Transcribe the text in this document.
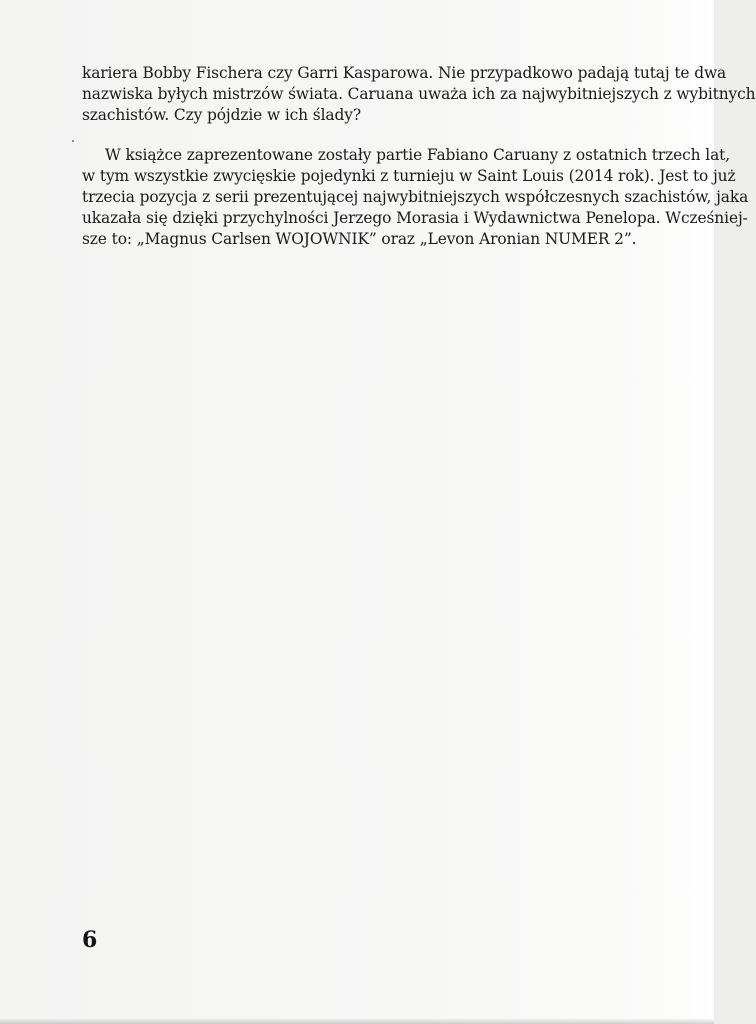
kariera Bobby Fischera czy Garri Kasparowa. Nie przypadkowo padają tutaj te dwa
nazwiska byłych mistrzów świata. Caruana uważa ich za najwybitniejszych z wybitnych
szachistów. Czy pójdzie w ich ślady?
W książce zaprezentowane zostały partie Fabiano Caruany z ostatnich trzech lat,
w tym wszystkie zwycięskie pojedynki z turnieju w Saint Louis (2014 rok). Jest to już
trzecia pozycja z serii prezentującej najwybitniejszych współczesnych szachistów, jaka
ukazała się dzięki przychylności Jerzego Morasia i Wydawnictwa Penelopa. Wcześniej-
sze to: „Magnus Carlsen WOJOWNIK” oraz „Levon Aronian NUMER 2”.
6
